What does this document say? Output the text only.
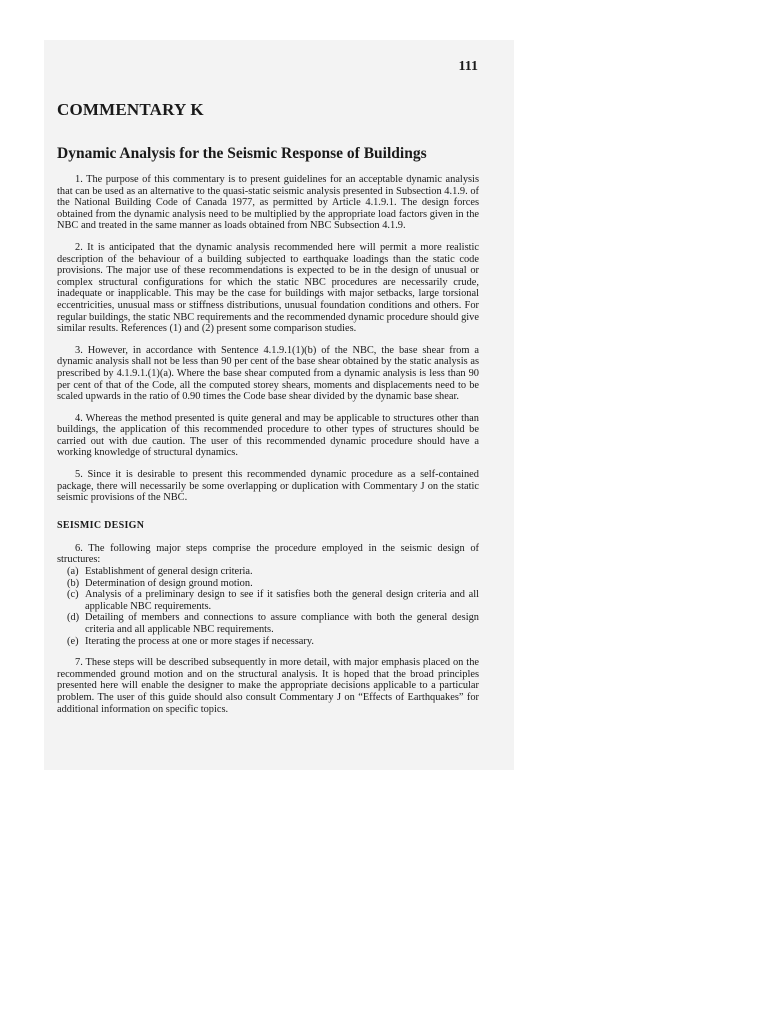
111
COMMENTARY K
Dynamic Analysis for the Seismic Response of Buildings

1. The purpose of this commentary is to present guidelines for an acceptable dynamic analysis that can be used as an alternative to the quasi-static seismic analysis presented in Subsection 4.1.9. of the National Building Code of Canada 1977, as permitted by Article 4.1.9.1. The design forces obtained from the dynamic analysis need to be multiplied by the appropriate load factors given in the NBC and treated in the same manner as loads obtained from NBC Subsection 4.1.9.

2. It is anticipated that the dynamic analysis recommended here will permit a more realistic description of the behaviour of a building subjected to earthquake loadings than the static code provisions. The major use of these recommendations is expected to be in the design of unusual or complex structural configurations for which the static NBC procedures are necessarily crude, inadequate or inapplicable. This may be the case for buildings with major setbacks, large torsional eccentricities, unusual mass or stiffness distributions, unusual foundation conditions and others. For regular buildings, the static NBC requirements and the recommended dynamic procedure should give similar results. References (1) and (2) present some comparison studies.

3. However, in accordance with Sentence 4.1.9.1(1)(b) of the NBC, the base shear from a dynamic analysis shall not be less than 90 per cent of the base shear obtained by the static analysis as prescribed by 4.1.9.1.(1)(a). Where the base shear computed from a dynamic analysis is less than 90 per cent of that of the Code, all the computed storey shears, moments and displacements need to be scaled upwards in the ratio of 0.90 times the Code base shear divided by the dynamic base shear.

4. Whereas the method presented is quite general and may be applicable to structures other than buildings, the application of this recommended procedure to other types of structures should be carried out with due caution. The user of this recommended dynamic procedure should have a working knowledge of structural dynamics.

5. Since it is desirable to present this recommended dynamic procedure as a self-contained package, there will necessarily be some overlapping or duplication with Commentary J on the static seismic provisions of the NBC.

SEISMIC DESIGN

6. The following major steps comprise the procedure employed in the seismic design of structures:

(a) Establishment of general design criteria.
(b) Determination of design ground motion.
(c) Analysis of a preliminary design to see if it satisfies both the general design criteria and all applicable NBC requirements.
(d) Detailing of members and connections to assure compliance with both the general design criteria and all applicable NBC requirements.
(e) Iterating the process at one or more stages if necessary.

7. These steps will be described subsequently in more detail, with major emphasis placed on the recommended ground motion and on the structural analysis. It is hoped that the broad principles presented here will enable the designer to make the appropriate decisions applicable to a particular problem. The user of this guide should also consult Commentary J on “Effects of Earthquakes” for additional information on specific topics.
